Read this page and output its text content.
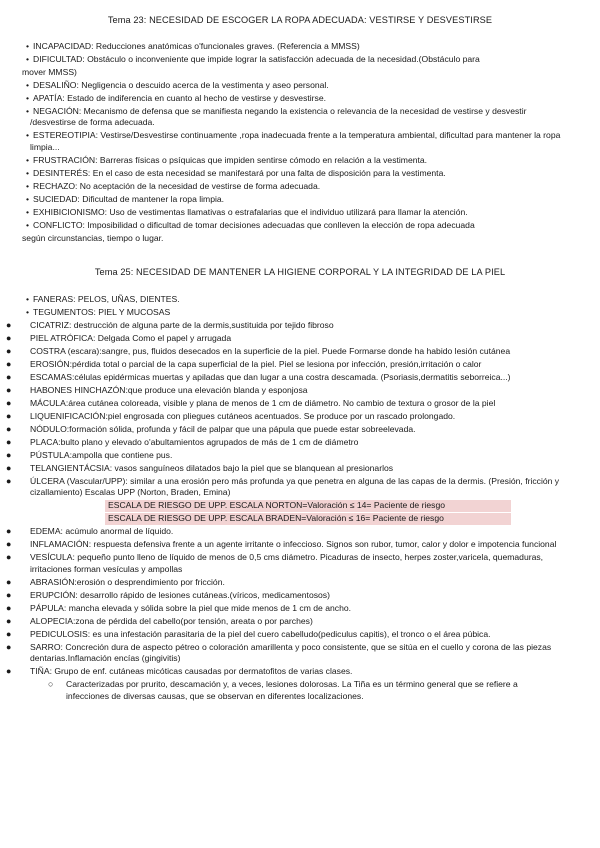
Tema 23: NECESIDAD DE ESCOGER LA ROPA ADECUADA: VESTIRSE Y DESVESTIRSE
• INCAPACIDAD: Reducciones anatómicas o'funcionales graves. (Referencia a MMSS)
• DIFICULTAD: Obstáculo o inconveniente que impide lograr la satisfacción adecuada de la necesidad.(Obstáculo para
mover MMSS)
• DESALIÑO: Negligencia o descuido acerca de la vestimenta y aseo personal.
• APATÍA: Estado de indiferencia en cuanto al hecho de vestirse y desvestirse.
• NEGACIÓN: Mecanismo de defensa que se manifiesta negando la existencia o relevancia de la necesidad de vestirse y desvestir /desvestirse de forma adecuada.
• ESTEREOTIPIA: Vestirse/Desvestirse continuamente ,ropa inadecuada frente a la temperatura ambiental, dificultad para mantener la ropa limpia...
• FRUSTRACIÓN: Barreras físicas o psíquicas que impiden sentirse cómodo en relación a la vestimenta.
• DESINTERÉS: En el caso de esta necesidad se manifestará por una falta de disposición para la vestimenta.
• RECHAZO: No aceptación de la necesidad de vestirse de forma adecuada.
• SUCIEDAD: Dificultad de mantener la ropa limpia.
• EXHIBICIONISMO: Uso de vestimentas llamativas o estrafalarias que el individuo utilizará para llamar la atención.
• CONFLICTO: Imposibilidad o dificultad de tomar decisiones adecuadas que conlleven la elección de ropa adecuada
según circunstancias, tiempo o lugar.
Tema 25: NECESIDAD DE MANTENER LA HIGIENE CORPORAL Y LA INTEGRIDAD DE LA PIEL
• FANERAS: PELOS, UÑAS, DIENTES.
• TEGUMENTOS: PIEL Y MUCOSAS
● CICATRIZ: destrucción de alguna parte de la dermis,sustituida por tejido fibroso
● PIEL ATRÓFICA: Delgada Como el papel y arrugada
● COSTRA (escara):sangre, pus, fluidos desecados en la superficie de la piel. Puede Formarse donde ha habido lesión cutánea
● EROSIÓN:pérdida total o parcial de la capa superficial de la piel. Piel se lesiona por infección, presión,irritación o calor
● ESCAMAS:células epidérmicas muertas y apiladas que dan lugar a una costra descamada. (Psoriasis,dermatitis seborreica...)
● HABONES HINCHAZÓN:que produce una elevación blanda y esponjosa
● MÁCULA:área cutánea coloreada, visible y plana de menos de 1 cm de diámetro. No cambio de textura o grosor de la piel
● LIQUENIFICACIÓN:piel engrosada con pliegues cutáneos acentuados. Se produce por un rascado prolongado.
● NÓDULO:formación sólida, profunda y fácil de palpar que una pápula que puede estar sobreelevada.
● PLACA:bulto plano y elevado o'abultamientos agrupados de más de 1 cm de diámetro
● PÚSTULA:ampolla que contiene pus.
● TELANGIENTÁCSIA: vasos sanguíneos dilatados bajo la piel que se blanquean al presionarlos
● ÚLCERA (Vascular/UPP): similar a una erosión pero más profunda ya que penetra en alguna de las capas de la dermis. (Presión, fricción y cizallamiento) Escalas UPP (Norton, Braden, Emina)
ESCALA DE RIESGO DE UPP. ESCALA NORTON=Valoración ≤ 14= Paciente de riesgo
ESCALA DE RIESGO DE UPP. ESCALA BRADEN=Valoración ≤ 16= Paciente de riesgo
● EDEMA: acúmulo anormal de líquido.
● INFLAMACIÓN: respuesta defensiva frente a un agente irritante o infeccioso. Signos son rubor, tumor, calor y dolor e impotencia funcional
● VESÍCULA: pequeño punto lleno de líquido de menos de 0,5 cms diámetro. Picaduras de insecto, herpes zoster,varicela, quemaduras, irritaciones forman vesículas y ampollas
● ABRASIÓN:erosión o desprendimiento por fricción.
● ERUPCIÓN: desarrollo rápido de lesiones cutáneas.(víricos, medicamentosos)
● PÁPULA: mancha elevada y sólida sobre la piel que mide menos de 1 cm de ancho.
● ALOPECIA:zona de pérdida del cabello(por tensión, areata o por parches)
● PEDICULOSIS: es una infestación parasitaria de la piel del cuero cabelludo(pediculus capitis), el tronco o el área púbica.
● SARRO: Concreción dura de aspecto pétreo o coloración amarillenta y poco consistente, que se sitúa en el cuello y corona de las piezas dentarias.Inflamación encías (gingivitis)
● TIÑA: Grupo de enf. cutáneas micóticas causadas por dermatofitos de varias clases.
○ Caracterizadas por prurito, descamación y, a veces, lesiones dolorosas. La Tiña es un término general que se refiere a infecciones de diversas causas, que se observan en diferentes localizaciones.
